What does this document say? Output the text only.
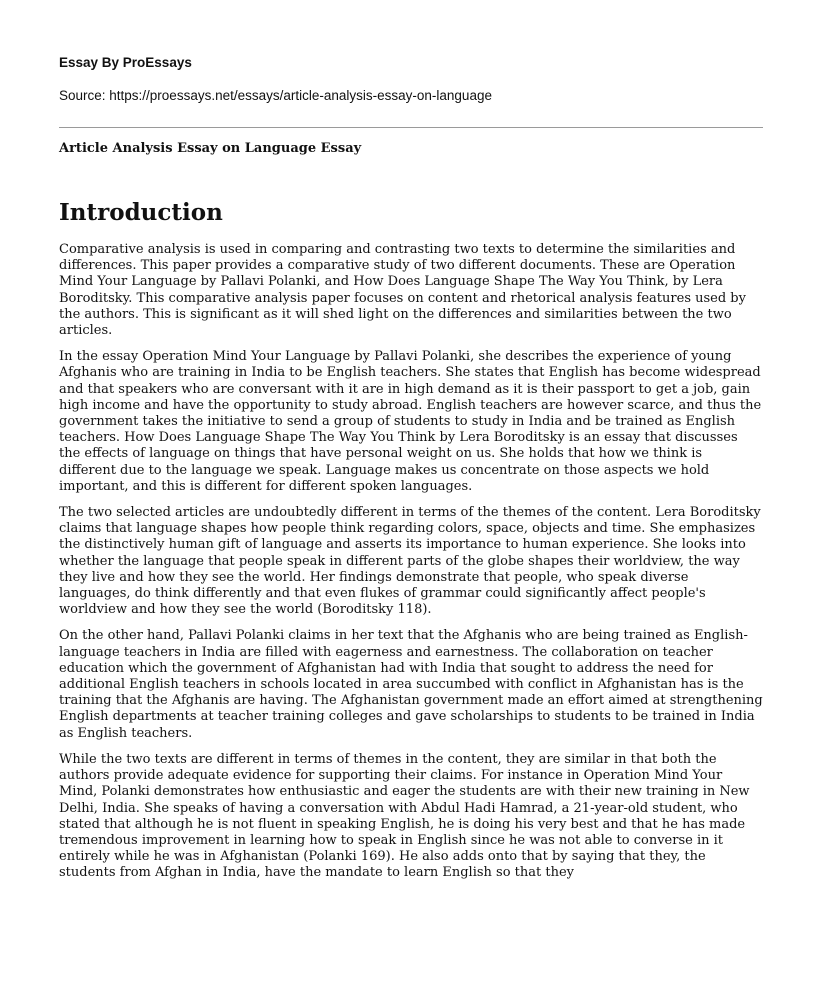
Essay By ProEssays

Source: https://proessays.net/essays/article-analysis-essay-on-language

Article Analysis Essay on Language Essay

Introduction

Comparative analysis is used in comparing and contrasting two texts to determine the similarities and differences. This paper provides a comparative study of two different documents. These are Operation Mind Your Language by Pallavi Polanki, and How Does Language Shape The Way You Think, by Lera Boroditsky. This comparative analysis paper focuses on content and rhetorical analysis features used by the authors. This is significant as it will shed light on the differences and similarities between the two articles.

In the essay Operation Mind Your Language by Pallavi Polanki, she describes the experience of young Afghanis who are training in India to be English teachers. She states that English has become widespread and that speakers who are conversant with it are in high demand as it is their passport to get a job, gain high income and have the opportunity to study abroad. English teachers are however scarce, and thus the government takes the initiative to send a group of students to study in India and be trained as English teachers. How Does Language Shape The Way You Think by Lera Boroditsky is an essay that discusses the effects of language on things that have personal weight on us. She holds that how we think is different due to the language we speak. Language makes us concentrate on those aspects we hold important, and this is different for different spoken languages.

The two selected articles are undoubtedly different in terms of the themes of the content. Lera Boroditsky claims that language shapes how people think regarding colors, space, objects and time. She emphasizes the distinctively human gift of language and asserts its importance to human experience. She looks into whether the language that people speak in different parts of the globe shapes their worldview, the way they live and how they see the world. Her findings demonstrate that people, who speak diverse languages, do think differently and that even flukes of grammar could significantly affect people's worldview and how they see the world (Boroditsky 118).

On the other hand, Pallavi Polanki claims in her text that the Afghanis who are being trained as English-language teachers in India are filled with eagerness and earnestness. The collaboration on teacher education which the government of Afghanistan had with India that sought to address the need for additional English teachers in schools located in area succumbed with conflict in Afghanistan has is the training that the Afghanis are having. The Afghanistan government made an effort aimed at strengthening English departments at teacher training colleges and gave scholarships to students to be trained in India as English teachers.

While the two texts are different in terms of themes in the content, they are similar in that both the authors provide adequate evidence for supporting their claims. For instance in Operation Mind Your Mind, Polanki demonstrates how enthusiastic and eager the students are with their new training in New Delhi, India. She speaks of having a conversation with Abdul Hadi Hamrad, a 21-year-old student, who stated that although he is not fluent in speaking English, he is doing his very best and that he has made tremendous improvement in learning how to speak in English since he was not able to converse in it entirely while he was in Afghanistan (Polanki 169). He also adds onto that by saying that they, the students from Afghan in India, have the mandate to learn English so that they
